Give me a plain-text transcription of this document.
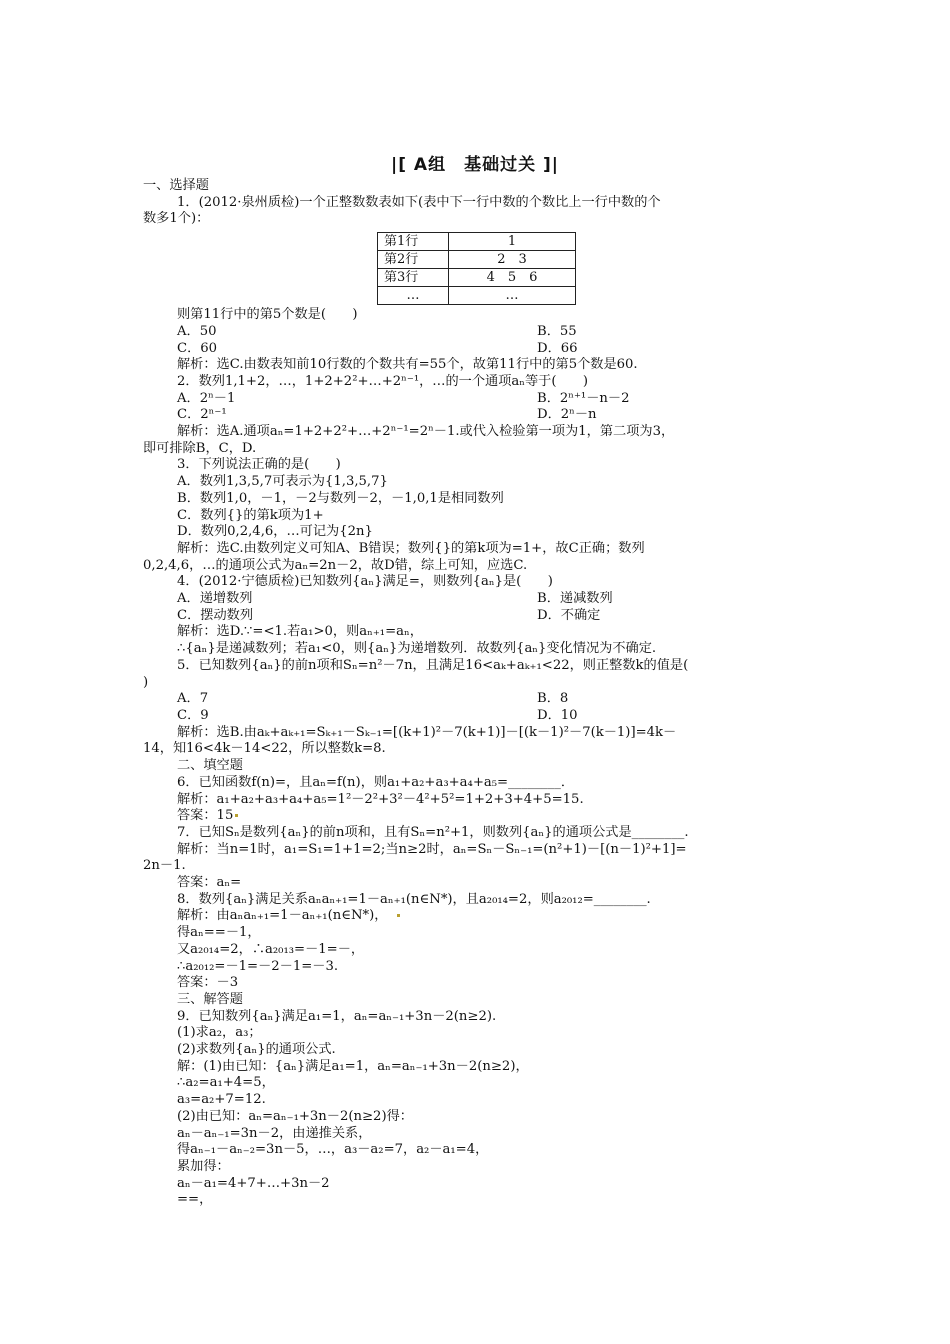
|[ A组　基础过关 ]|
一、选择题
1．(2012·泉州质检)一个正整数数表如下(表中下一行中数的个数比上一行中数的个
数多1个)：
第1行	1
第2行	2　3
第3行	4　5　6
…	…
则第11行中的第5个数是(　　)
A．50	B．55
C．60	D．66
解析：选C.由数表知前10行数的个数共有=55个，故第11行中的第5个数是60.
2．数列1,1+2，…，1+2+2²+…+2ⁿ⁻¹，…的一个通项aₙ等于(　　)
A．2ⁿ－1	B．2ⁿ⁺¹－n－2
C．2ⁿ⁻¹	D．2ⁿ－n
解析：选A.通项aₙ=1+2+2²+…+2ⁿ⁻¹=2ⁿ－1.或代入检验第一项为1，第二项为3，
即可排除B，C，D.
3．下列说法正确的是(　　)
A．数列1,3,5,7可表示为{1,3,5,7}
B．数列1,0，－1，－2与数列－2，－1,0,1是相同数列
C．数列{}的第k项为1+
D．数列0,2,4,6，…可记为{2n}
解析：选C.由数列定义可知A、B错误；数列{}的第k项为=1+，故C正确；数列
0,2,4,6，…的通项公式为aₙ=2n－2，故D错，综上可知，应选C.
4．(2012·宁德质检)已知数列{aₙ}满足=，则数列{aₙ}是(　　)
A．递增数列	B．递减数列
C．摆动数列	D．不确定
解析：选D.∵=<1.若a₁>0，则aₙ₊₁=aₙ，
∴{aₙ}是递减数列；若a₁<0，则{aₙ}为递增数列．故数列{aₙ}变化情况为不确定.
5．已知数列{aₙ}的前n项和Sₙ=n²－7n，且满足16<aₖ+aₖ₊₁<22，则正整数k的值是(
)
A．7	B．8
C．9	D．10
解析：选B.由aₖ+aₖ₊₁=Sₖ₊₁－Sₖ₋₁=[(k+1)²－7(k+1)]－[(k－1)²－7(k－1)]=4k－
14，知16<4k－14<22，所以整数k=8.
二、填空题
6．已知函数f(n)=，且aₙ=f(n)，则a₁+a₂+a₃+a₄+a₅=________．
解析：a₁+a₂+a₃+a₄+a₅=1²－2²+3²－4²+5²=1+2+3+4+5=15.
答案：15
7．已知Sₙ是数列{aₙ}的前n项和，且有Sₙ=n²+1，则数列{aₙ}的通项公式是________.
解析：当n=1时，a₁=S₁=1+1=2;当n≥2时，aₙ=Sₙ－Sₙ₋₁=(n²+1)－[(n－1)²+1]=
2n－1.
答案：aₙ=
8．数列{aₙ}满足关系aₙaₙ₊₁=1－aₙ₊₁(n∈N*)，且a₂₀₁₄=2，则a₂₀₁₂=________.
解析：由aₙaₙ₊₁=1－aₙ₊₁(n∈N*)，
得aₙ==－1，
又a₂₀₁₄=2，∴a₂₀₁₃=－1=－，
∴a₂₀₁₂=－1=－2－1=－3.
答案：－3
三、解答题
9．已知数列{aₙ}满足a₁=1，aₙ=aₙ₋₁+3n－2(n≥2).
(1)求a₂，a₃；
(2)求数列{aₙ}的通项公式.
解：(1)由已知：{aₙ}满足a₁=1，aₙ=aₙ₋₁+3n－2(n≥2)，
∴a₂=a₁+4=5，
a₃=a₂+7=12.
(2)由已知：aₙ=aₙ₋₁+3n－2(n≥2)得：
aₙ－aₙ₋₁=3n－2，由递推关系，
得aₙ₋₁－aₙ₋₂=3n－5，…，a₃－a₂=7，a₂－a₁=4，
累加得：
aₙ－a₁=4+7+…+3n－2
==，
